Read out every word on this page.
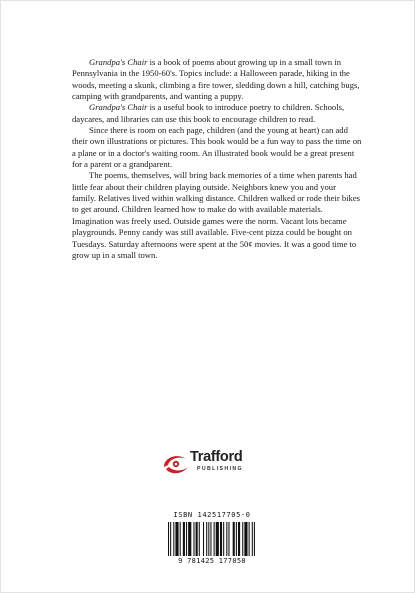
Grandpa's Chair is a book of poems about growing up in a small town in Pennsylvania in the 1950-60's. Topics include: a Halloween parade, hiking in the woods, meeting a skunk, climbing a fire tower, sledding down a hill, catching bugs, camping with grandparents, and wanting a puppy.

Grandpa's Chair is a useful book to introduce poetry to children. Schools, daycares, and libraries can use this book to encourage children to read.

Since there is room on each page, children (and the young at heart) can add their own illustrations or pictures. This book would be a fun way to pass the time on a plane or in a doctor's waiting room. An illustrated book would be a great present for a parent or a grandparent.

The poems, themselves, will bring back memories of a time when parents had little fear about their children playing outside. Neighbors knew you and your family. Relatives lived within walking distance. Children walked or rode their bikes to get around. Children learned how to make do with available materials. Imagination was freely used. Outside games were the norm. Vacant lots became playgrounds. Penny candy was still available. Five-cent pizza could be bought on Tuesdays. Saturday afternoons were spent at the 50¢ movies. It was a good time to grow up in a small town.

Trafford
PUBLISHING
ISBN 142517705-0
9 781425 177058
